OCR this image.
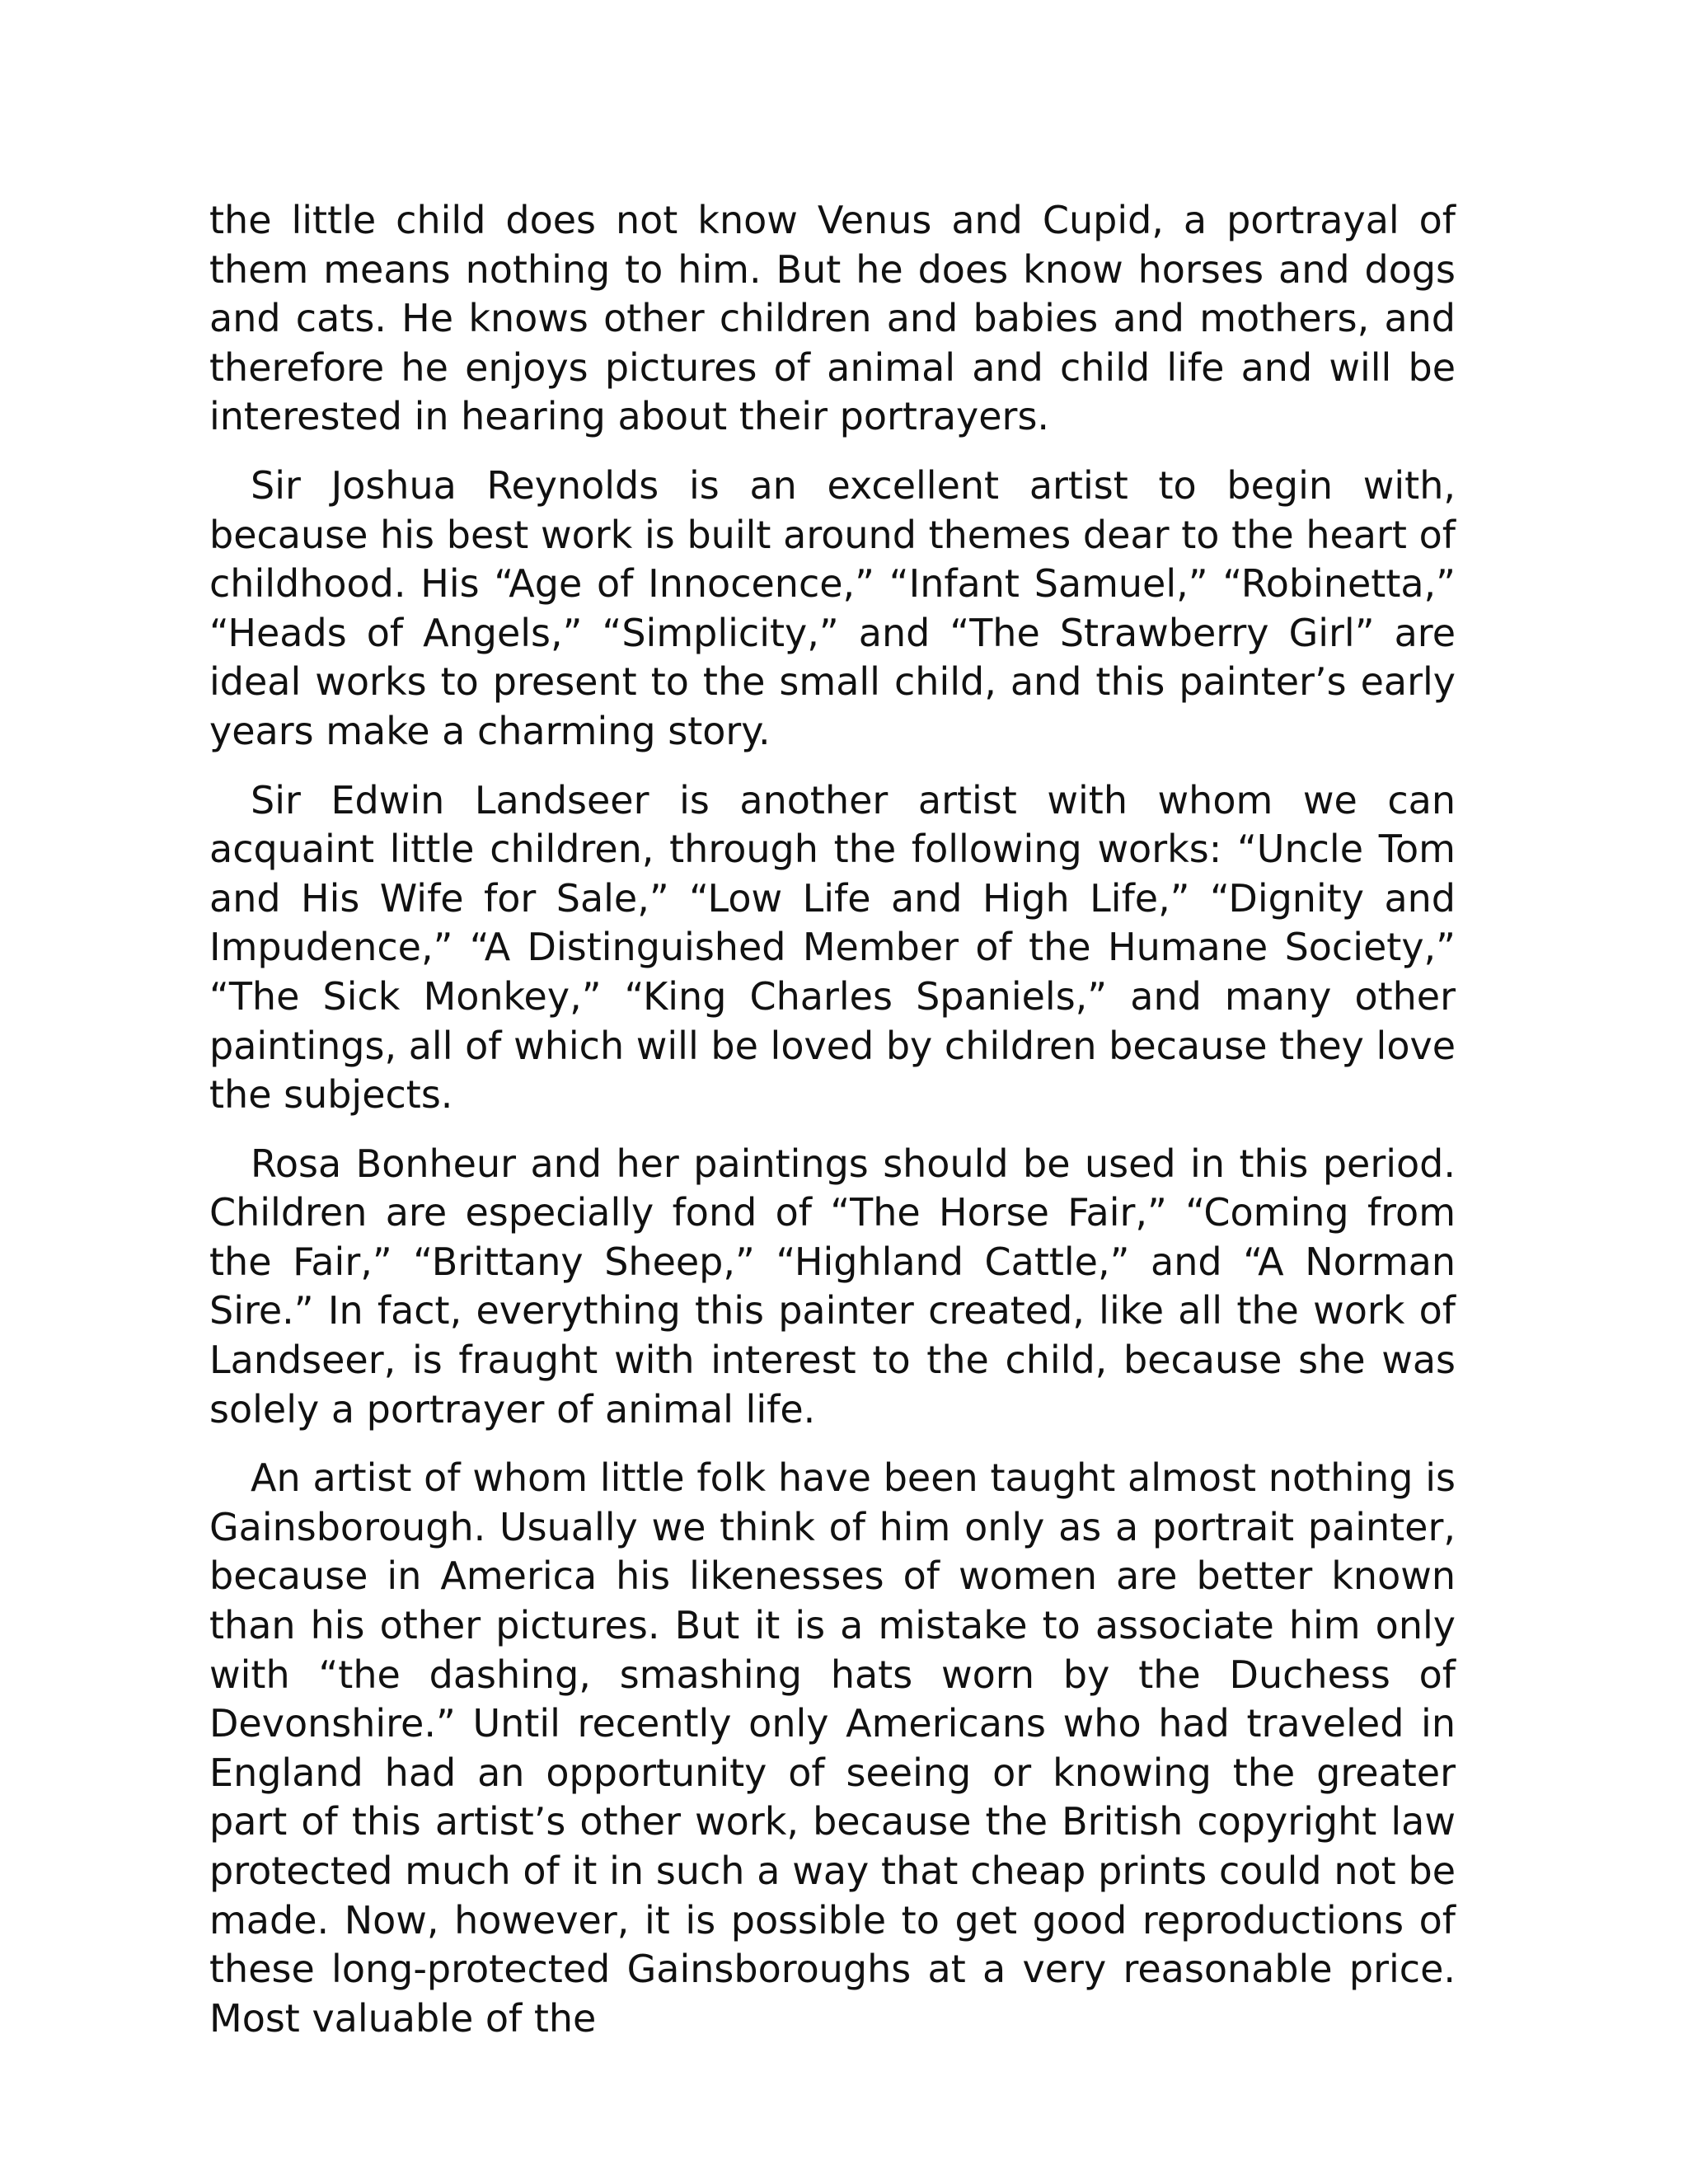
the little child does not know Venus and Cupid, a portrayal of them means nothing to him. But he does know horses and dogs and cats. He knows other children and babies and mothers, and therefore he enjoys pictures of animal and child life and will be interested in hearing about their portrayers.

Sir Joshua Reynolds is an excellent artist to begin with, because his best work is built around themes dear to the heart of childhood. His “Age of Innocence,” “Infant Samuel,” “Robinetta,” “Heads of Angels,” “Simplicity,” and “The Strawberry Girl” are ideal works to present to the small child, and this painter’s early years make a charming story.

Sir Edwin Landseer is another artist with whom we can acquaint little children, through the following works: “Uncle Tom and His Wife for Sale,” “Low Life and High Life,” “Dignity and Impudence,” “A Distinguished Member of the Humane Society,” “The Sick Monkey,” “King Charles Spaniels,” and many other paintings, all of which will be loved by children because they love the subjects.

Rosa Bonheur and her paintings should be used in this period. Children are especially fond of “The Horse Fair,” “Coming from the Fair,” “Brittany Sheep,” “Highland Cattle,” and “A Norman Sire.” In fact, everything this painter created, like all the work of Landseer, is fraught with interest to the child, because she was solely a portrayer of animal life.

An artist of whom little folk have been taught almost nothing is Gainsborough. Usually we think of him only as a portrait painter, because in America his likenesses of women are better known than his other pictures. But it is a mistake to associate him only with “the dashing, smashing hats worn by the Duchess of Devonshire.” Until recently only Americans who had traveled in England had an opportunity of seeing or knowing the greater part of this artist’s other work, because the British copyright law protected much of it in such a way that cheap prints could not be made. Now, however, it is possible to get good reproductions of these long-protected Gainsboroughs at a very reasonable price. Most valuable of the
